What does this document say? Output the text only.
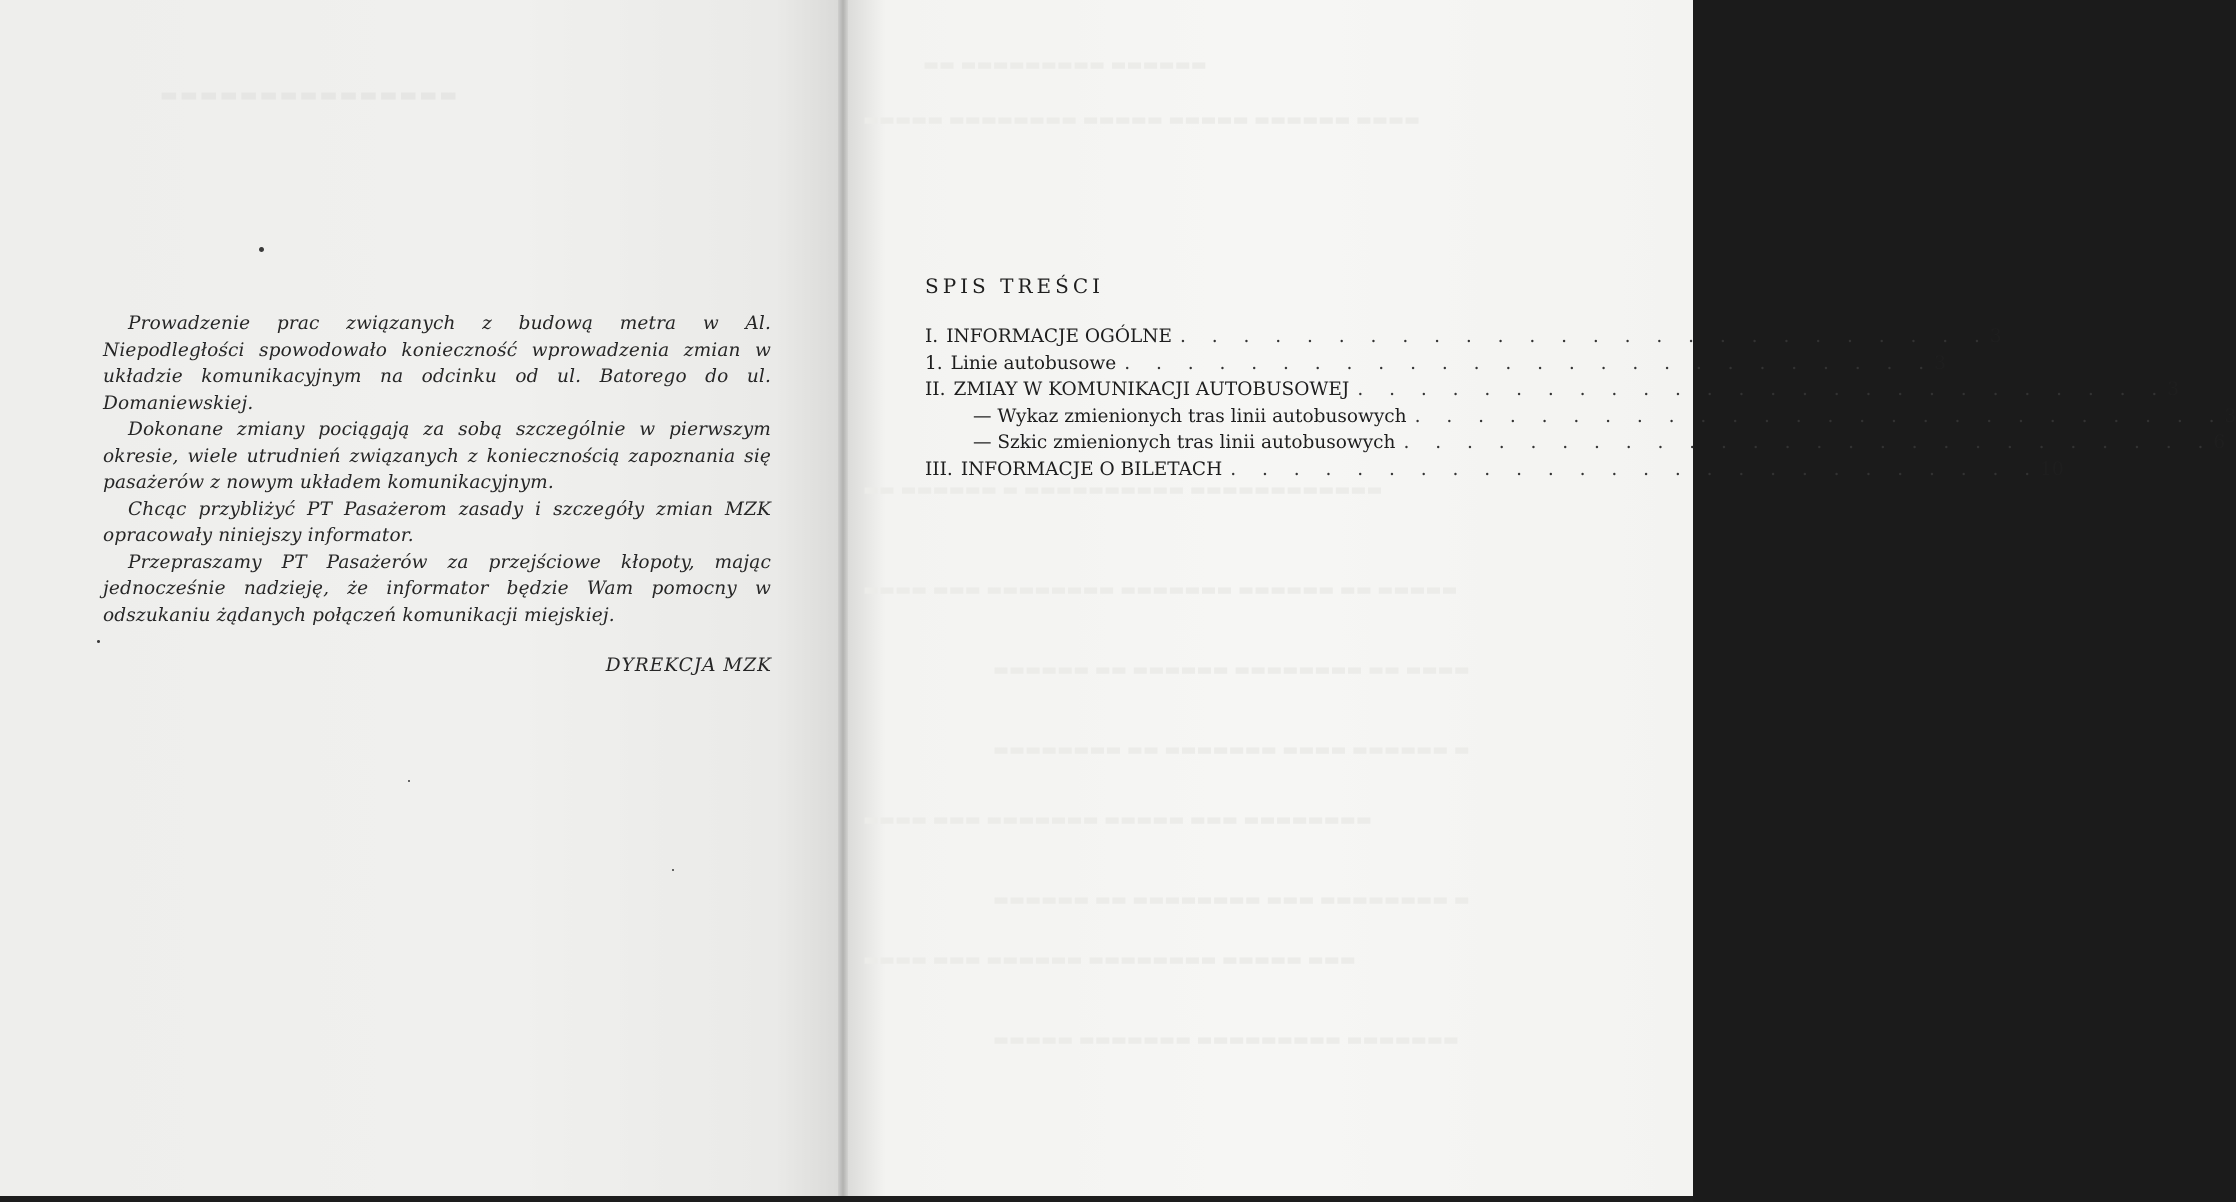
▬▬▬▬▬▬▬▬▬▬▬▬▬▬▬

Prowadzenie prac związanych z budową metra w Al. Niepodległości spowodowało konieczność wprowadzenia zmian w układzie komunikacyjnym na odcinku od ul. Batorego do ul. Domaniewskiej.

Dokonane zmiany pociągają za sobą szczególnie w pierwszym okresie, wiele utrudnień związanych z koniecznością zapoznania się pasażerów z nowym układem komunikacyjnym.

Chcąc przybliżyć PT Pasażerom zasady i szczegóły zmian MZK opracowały niniejszy informator.

Przepraszamy PT Pasażerów za przejściowe kłopoty, mając jednocześnie nadzieję, że informator będzie Wam pomocny w odszukaniu żądanych połączeń komunikacji miejskiej.

DYREKCJA MZK
▬▬ ▬▬▬▬▬▬▬▬▬ ▬▬▬▬▬▬
▬▬▬▬▬ ▬▬▬▬▬▬▬▬ ▬▬▬▬▬ ▬▬▬▬▬ ▬▬▬▬▬▬ ▬▬▬▬
▬▬ ▬▬▬▬▬▬ ▬ ▬▬▬▬▬▬▬▬▬▬ ▬▬▬▬▬▬▬▬▬▬▬▬
▬▬▬▬ ▬▬▬ ▬▬▬▬▬▬▬▬ ▬▬▬▬▬▬▬ ▬▬▬▬▬▬ ▬▬ ▬▬▬▬▬
▬▬▬▬▬▬ ▬▬ ▬▬▬▬▬▬ ▬▬▬▬▬▬▬▬ ▬▬ ▬▬▬▬
▬▬▬▬▬▬▬▬ ▬▬ ▬▬▬▬▬▬▬ ▬▬▬▬ ▬▬▬▬▬▬ ▬
▬▬▬▬ ▬▬▬ ▬▬▬▬▬▬▬ ▬▬▬▬▬ ▬▬▬ ▬▬▬▬▬▬▬▬
▬▬▬▬▬▬ ▬▬ ▬▬▬▬▬▬▬▬ ▬▬▬ ▬▬▬▬▬▬▬▬ ▬
▬▬▬▬ ▬▬▬ ▬▬▬▬▬▬ ▬▬▬▬▬▬▬▬ ▬▬▬▬▬ ▬▬▬
▬▬▬▬▬ ▬▬▬▬▬▬▬ ▬▬▬▬▬▬▬▬▬ ▬▬▬▬▬▬▬
SPIS TREŚCI
I. INFORMACJE OGÓLNE . . . . . . . . . . . . . . . . . . . . . . . . . . 3
1. Linie autobusowe . . . . . . . . . . . . . . . . . . . . . . . . . . 3
II. ZMIAY W KOMUNIKACJI AUTOBUSOWEJ . . . . . . . . . . . . . . . . . . . . . . . . . . 3
— Wykaz zmienionych tras linii autobusowych . . . . . . . . . . . . . . . . . . . . . . . . . . 3
— Szkic zmienionych tras linii autobusowych . . . . . . . . . . . . . . . . . . . . . . . . . . 6
III. INFORMACJE O BILETACH . . . . . . . . . . . . . . . . . . . . . . . . . . 10
